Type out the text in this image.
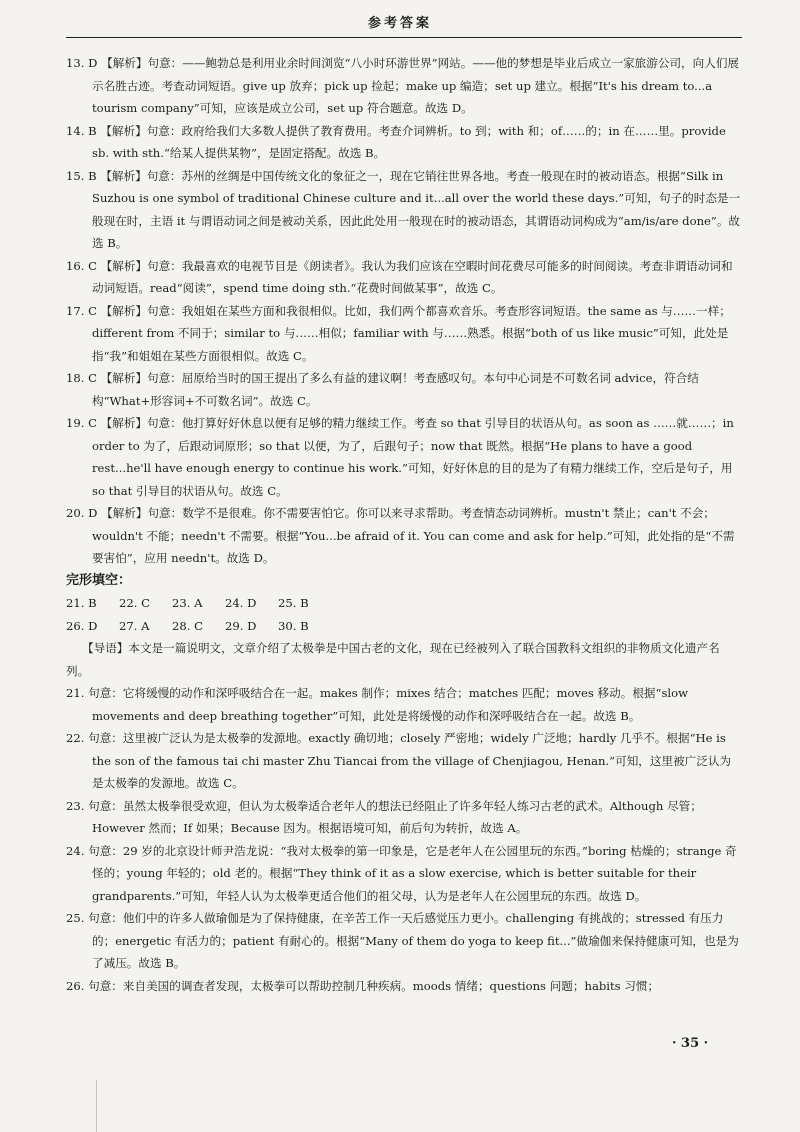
参考答案
13. D 【解析】句意：——鲍勃总是利用业余时间浏览“八小时环游世界”网站。——他的梦想是毕业后成立一家旅游公司，向人们展示名胜古迹。考查动词短语。give up 放弃；pick up 捡起；make up 编造；set up 建立。根据“It's his dream to...a tourism company”可知，应该是成立公司，set up 符合题意。故选 D。
14. B 【解析】句意：政府给我们大多数人提供了教育费用。考查介词辨析。to 到；with 和；of……的；in 在……里。provide sb. with sth.“给某人提供某物”，是固定搭配。故选 B。
15. B 【解析】句意：苏州的丝绸是中国传统文化的象征之一，现在它销往世界各地。考查一般现在时的被动语态。根据“Silk in Suzhou is one symbol of traditional Chinese culture and it...all over the world these days.”可知，句子的时态是一般现在时，主语 it 与谓语动词之间是被动关系，因此此处用一般现在时的被动语态，其谓语动词构成为“am/is/are done”。故选 B。
16. C 【解析】句意：我最喜欢的电视节目是《朗读者》。我认为我们应该在空暇时间花费尽可能多的时间阅读。考查非谓语动词和动词短语。read“阅读”，spend time doing sth.“花费时间做某事”，故选 C。
17. C 【解析】句意：我姐姐在某些方面和我很相似。比如，我们两个都喜欢音乐。考查形容词短语。the same as 与……一样；different from 不同于；similar to 与……相似；familiar with 与……熟悉。根据“both of us like music”可知，此处是指“我”和姐姐在某些方面很相似。故选 C。
18. C 【解析】句意：屈原给当时的国王提出了多么有益的建议啊！考查感叹句。本句中心词是不可数名词 advice，符合结构“What+形容词+不可数名词”。故选 C。
19. C 【解析】句意：他打算好好休息以便有足够的精力继续工作。考查 so that 引导目的状语从句。as soon as ……就……；in order to 为了，后跟动词原形；so that 以便，为了，后跟句子；now that 既然。根据“He plans to have a good rest...he'll have enough energy to continue his work.”可知，好好休息的目的是为了有精力继续工作，空后是句子，用 so that 引导目的状语从句。故选 C。
20. D 【解析】句意：数学不是很难。你不需要害怕它。你可以来寻求帮助。考查情态动词辨析。mustn't 禁止；can't 不会；wouldn't 不能；needn't 不需要。根据“You...be afraid of it. You can come and ask for help.”可知，此处指的是“不需要害怕”，应用 needn't。故选 D。
完形填空：
21. B	22. C	23. A	24. D	25. B
26. D	27. A	28. C	29. D	30. B
【导语】本文是一篇说明文，文章介绍了太极拳是中国古老的文化，现在已经被列入了联合国教科文组织的非物质文化遗产名列。
21. 句意：它将缓慢的动作和深呼吸结合在一起。makes 制作；mixes 结合；matches 匹配；moves 移动。根据“slow movements and deep breathing together”可知，此处是将缓慢的动作和深呼吸结合在一起。故选 B。
22. 句意：这里被广泛认为是太极拳的发源地。exactly 确切地；closely 严密地；widely 广泛地；hardly 几乎不。根据“He is the son of the famous tai chi master Zhu Tiancai from the village of Chenjiagou, Henan.”可知，这里被广泛认为是太极拳的发源地。故选 C。
23. 句意：虽然太极拳很受欢迎，但认为太极拳适合老年人的想法已经阻止了许多年轻人练习古老的武术。Although 尽管；However 然而；If 如果；Because 因为。根据语境可知，前后句为转折，故选 A。
24. 句意：29 岁的北京设计师尹浩龙说：“我对太极拳的第一印象是，它是老年人在公园里玩的东西。”boring 枯燥的；strange 奇怪的；young 年轻的；old 老的。根据“They think of it as a slow exercise, which is better suitable for their grandparents.”可知，年轻人认为太极拳更适合他们的祖父母，认为是老年人在公园里玩的东西。故选 D。
25. 句意：他们中的许多人做瑜伽是为了保持健康，在辛苦工作一天后感觉压力更小。challenging 有挑战的；stressed 有压力的；energetic 有活力的；patient 有耐心的。根据“Many of them do yoga to keep fit...”做瑜伽来保持健康可知，也是为了减压。故选 B。
26. 句意：来自美国的调查者发现，太极拳可以帮助控制几种疾病。moods 情绪；questions 问题；habits 习惯；
· 35 ·
